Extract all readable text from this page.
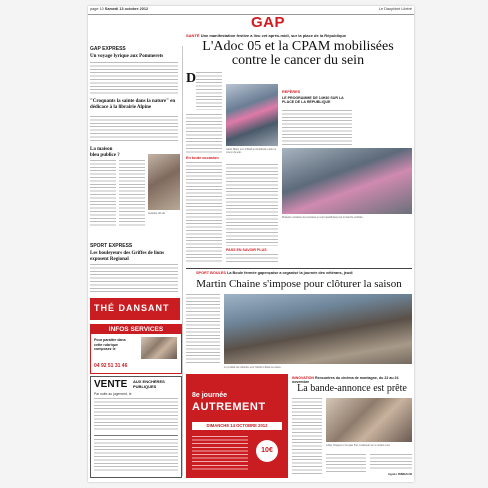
page 10 Samedi 13 octobre 2012	Le Dauphiné Libéré
GAP
GAP EXPRESS
Un voyage lyrique aux Pommerets
"Croquants la sainte dans la nature" en dédicace à la librairie Alpine
La maison bleu publice ?
Jeannine, 66 ans
SPORT EXPRESS
Les bouleyeurs des Griffes de lions exposent Regional
THÉ DANSANT
INFOS SERVICES
Pour paraître dans cette rubrique composez le
04 92 51 31 46
VENTE AUX ENCHÈRES PUBLIQUES
Par suite au jugement, le
SANTÉ Une manifestation festive a lieu cet après-midi, sur la place de la République
L'Adoc 05 et la CPAM mobilisées
contre le cancer du sein
D
En toute occasion
Anaïs Henry et la CPAM se mobilisent contre le cancer du sein.
PASS EN SAVOIR PLUS
REPÈRES
LE PROGRAMME DE 14H30 SUR LA PLACE DE LA RÉPUBLIQUE
Plusieurs centaines de personnes se sont rassemblées pour la marche solidaire.
SPORT BOULES La Boule fermée gapençaise a organisé la journée des vétérans, jeudi
Martin Chaine s'impose pour clôturer la saison
Le podium des vétérans, avec Martin Chaine au centre.
8e journée
AUTREMENT
DIMANCHE 14 OCTOBRE 2012
10€
INNOVATION Rencontres du cinéma de montagne, du 22 au 24 novembre
La bande-annonce est prête
Gilles Chappaz et Jacques Fort, fondateurs de ce rendez-vous.
Agnès RIMBAUD
